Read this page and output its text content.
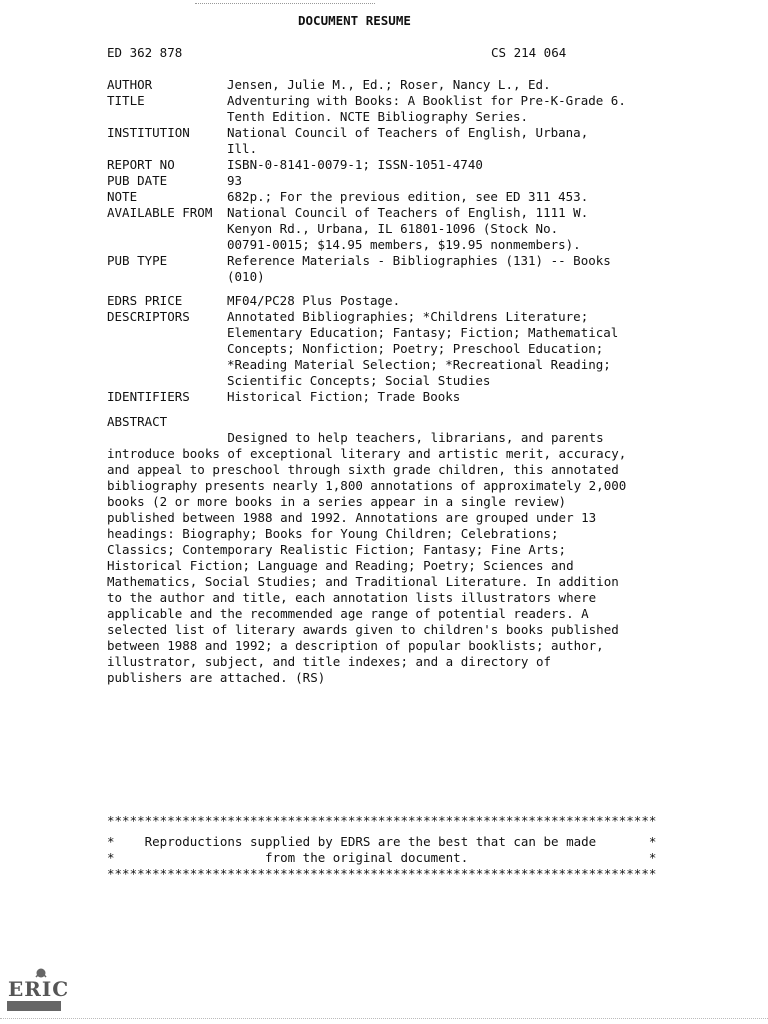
DOCUMENT RESUME
ED 362 878	CS 214 064
AUTHOR	Jensen, Julie M., Ed.; Roser, Nancy L., Ed.
TITLE	Adventuring with Books: A Booklist for Pre-K-Grade 6.
Tenth Edition. NCTE Bibliography Series.
INSTITUTION	National Council of Teachers of English, Urbana,
Ill.
REPORT NO	ISBN-0-8141-0079-1; ISSN-1051-4740
PUB DATE	93
NOTE	682p.; For the previous edition, see ED 311 453.
AVAILABLE FROM	National Council of Teachers of English, 1111 W.
Kenyon Rd., Urbana, IL 61801-1096 (Stock No.
00791-0015; $14.95 members, $19.95 nonmembers).
PUB TYPE	Reference Materials - Bibliographies (131) -- Books
(010)
EDRS PRICE	MF04/PC28 Plus Postage.
DESCRIPTORS	Annotated Bibliographies; *Childrens Literature;
Elementary Education; Fantasy; Fiction; Mathematical
Concepts; Nonfiction; Poetry; Preschool Education;
*Reading Material Selection; *Recreational Reading;
Scientific Concepts; Social Studies
IDENTIFIERS	Historical Fiction; Trade Books
ABSTRACT
Designed to help teachers, librarians, and parents
introduce books of exceptional literary and artistic merit, accuracy,
and appeal to preschool through sixth grade children, this annotated
bibliography presents nearly 1,800 annotations of approximately 2,000
books (2 or more books in a series appear in a single review)
published between 1988 and 1992. Annotations are grouped under 13
headings: Biography; Books for Young Children; Celebrations;
Classics; Contemporary Realistic Fiction; Fantasy; Fine Arts;
Historical Fiction; Language and Reading; Poetry; Sciences and
Mathematics, Social Studies; and Traditional Literature. In addition
to the author and title, each annotation lists illustrators where
applicable and the recommended age range of potential readers. A
selected list of literary awards given to children's books published
between 1988 and 1992; a description of popular booklists; author,
illustrator, subject, and title indexes; and a directory of
publishers are attached. (RS)
*************************************************************************
*    Reproductions supplied by EDRS are the best that can be made       *
*                    from the original document.                        *
*************************************************************************
ERIC
